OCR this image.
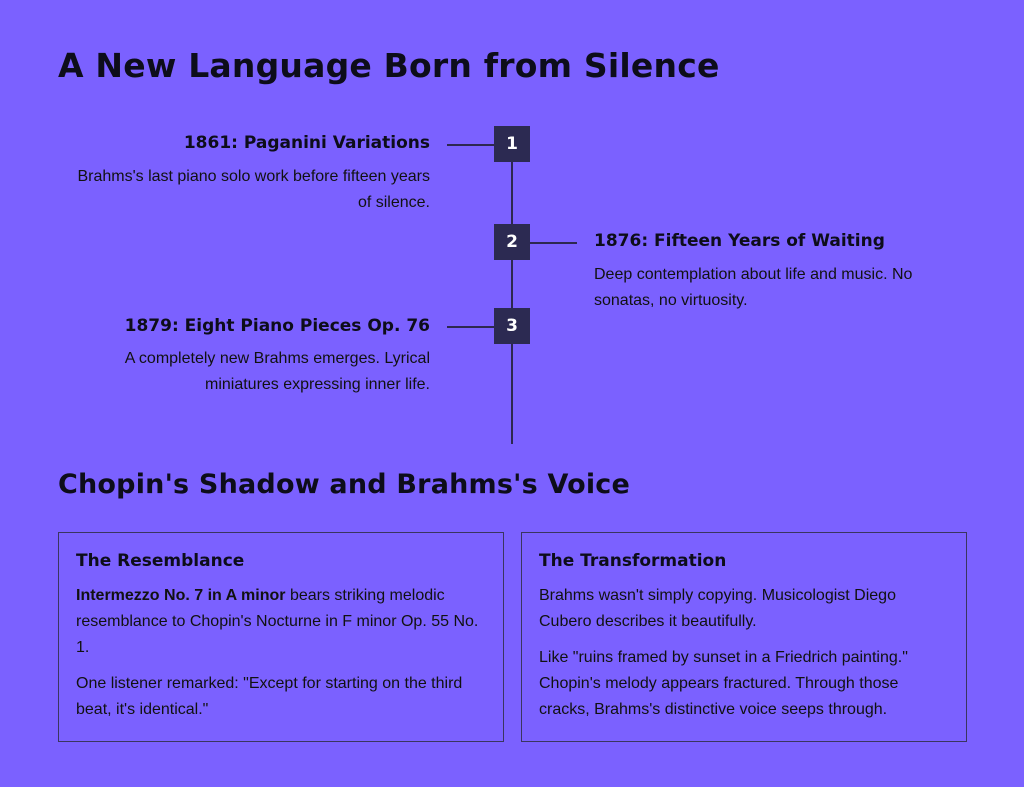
A New Language Born from Silence
1
1861: Paganini Variations

Brahms's last piano solo work before fifteen years of silence.

2	1876: Fifteen Years of Waiting

Deep contemplation about life and music. No sonatas, no virtuosity.

3
1879: Eight Piano Pieces Op. 76

A completely new Brahms emerges. Lyrical miniatures expressing inner life.

Chopin's Shadow and Brahms's Voice
The Resemblance

Intermezzo No. 7 in A minor bears striking melodic resemblance to Chopin's Nocturne in F minor Op. 55 No. 1.

One listener remarked: "Except for starting on the third beat, it's identical."

The Transformation

Brahms wasn't simply copying. Musicologist Diego Cubero describes it beautifully.

Like "ruins framed by sunset in a Friedrich painting." Chopin's melody appears fractured. Through those cracks, Brahms's distinctive voice seeps through.
